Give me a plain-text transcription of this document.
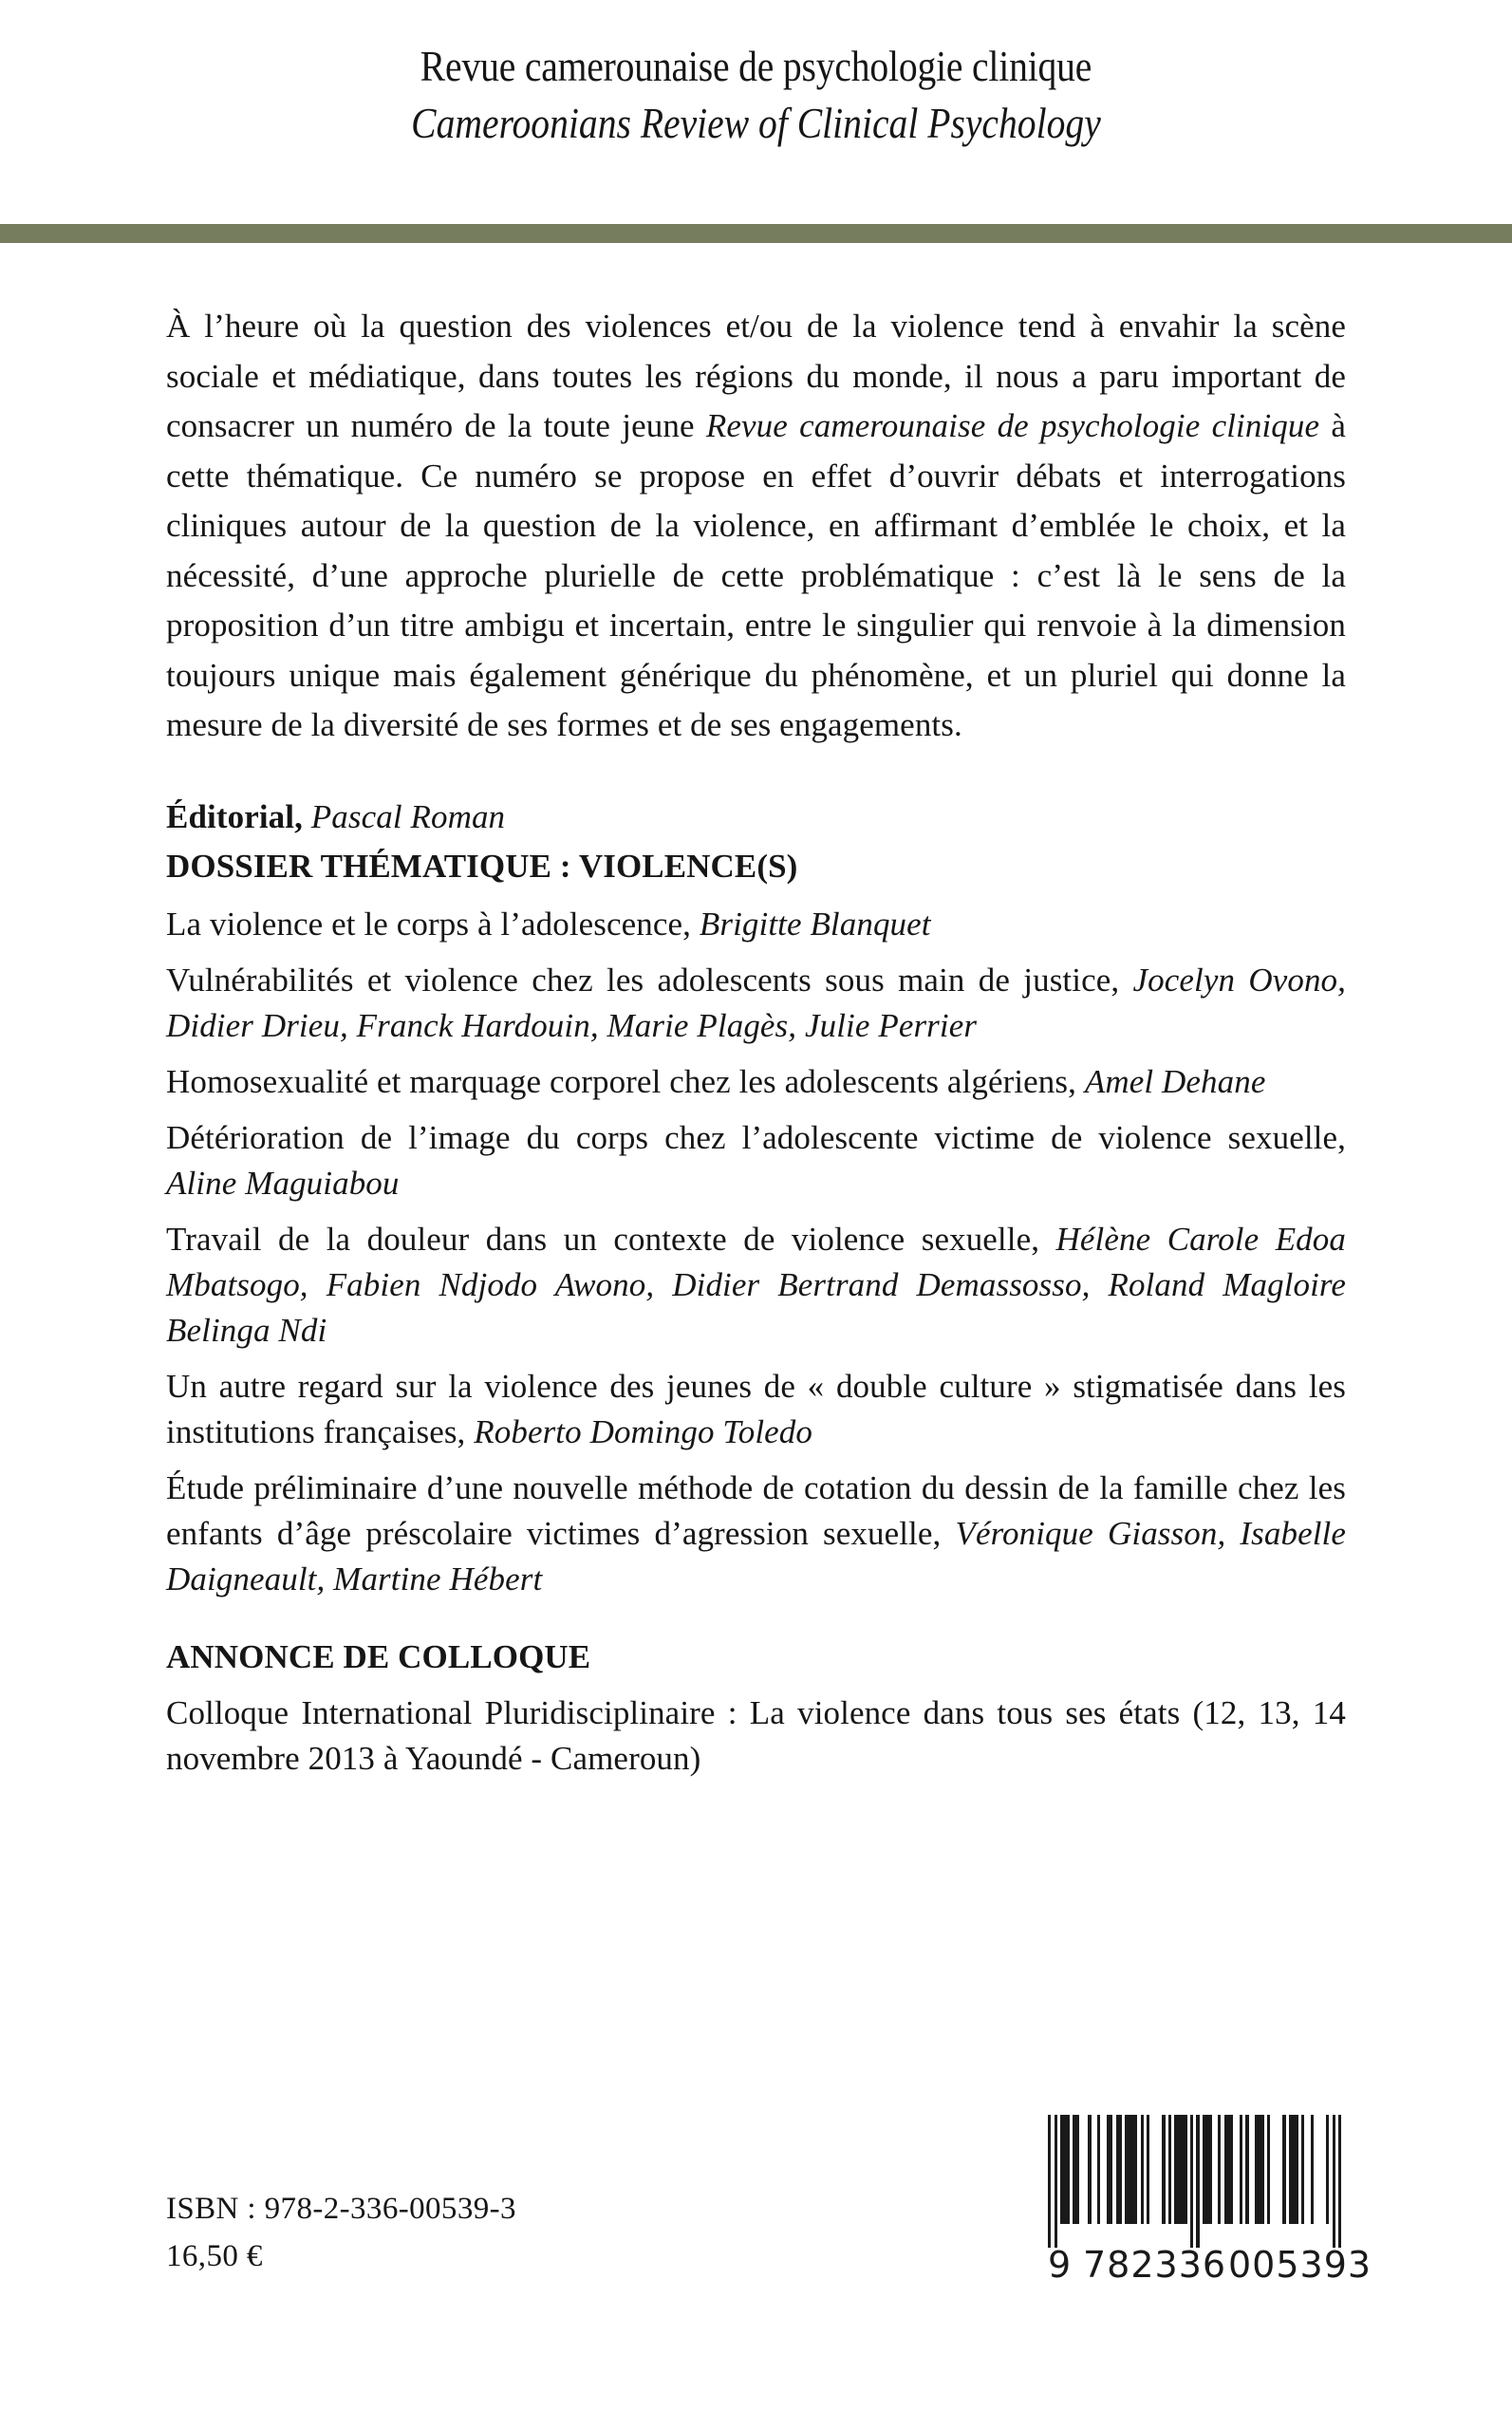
Revue camerounaise de psychologie clinique
Cameroonians Review of Clinical Psychology

À l’heure où la question des violences et/ou de la violence tend à envahir la scène sociale et médiatique, dans toutes les régions du monde, il nous a paru important de consacrer un numéro de la toute jeune Revue camerounaise de psychologie clinique à cette thématique. Ce numéro se propose en effet d’ouvrir débats et interrogations cliniques autour de la question de la violence, en affirmant d’emblée le choix, et la nécessité, d’une approche plurielle de cette problématique : c’est là le sens de la proposition d’un titre ambigu et incertain, entre le singulier qui renvoie à la dimension toujours unique mais également générique du phénomène, et un pluriel qui donne la mesure de la diversité de ses formes et de ses engagements.

Éditorial, Pascal Roman

DOSSIER THÉMATIQUE : VIOLENCE(S)

La violence et le corps à l’adolescence, Brigitte Blanquet

Vulnérabilités et violence chez les adolescents sous main de justice, Jocelyn Ovono, Didier Drieu, Franck Hardouin, Marie Plagès, Julie Perrier

Homosexualité et marquage corporel chez les adolescents algériens, Amel Dehane

Détérioration de l’image du corps chez l’adolescente victime de violence sexuelle, Aline Maguiabou

Travail de la douleur dans un contexte de violence sexuelle, Hélène Carole Edoa Mbatsogo, Fabien Ndjodo Awono, Didier Bertrand Demassosso, Roland Magloire Belinga Ndi

Un autre regard sur la violence des jeunes de « double culture » stigmatisée dans les institutions françaises, Roberto Domingo Toledo

Étude préliminaire d’une nouvelle méthode de cotation du dessin de la famille chez les enfants d’âge préscolaire victimes d’agression sexuelle, Véronique Giasson, Isabelle Daigneault, Martine Hébert

ANNONCE DE COLLOQUE

Colloque International Pluridisciplinaire : La violence dans tous ses états (12, 13, 14 novembre 2013 à Yaoundé - Cameroun)

ISBN : 978-2-336-00539-3

16,50 €	9 782336 005393
